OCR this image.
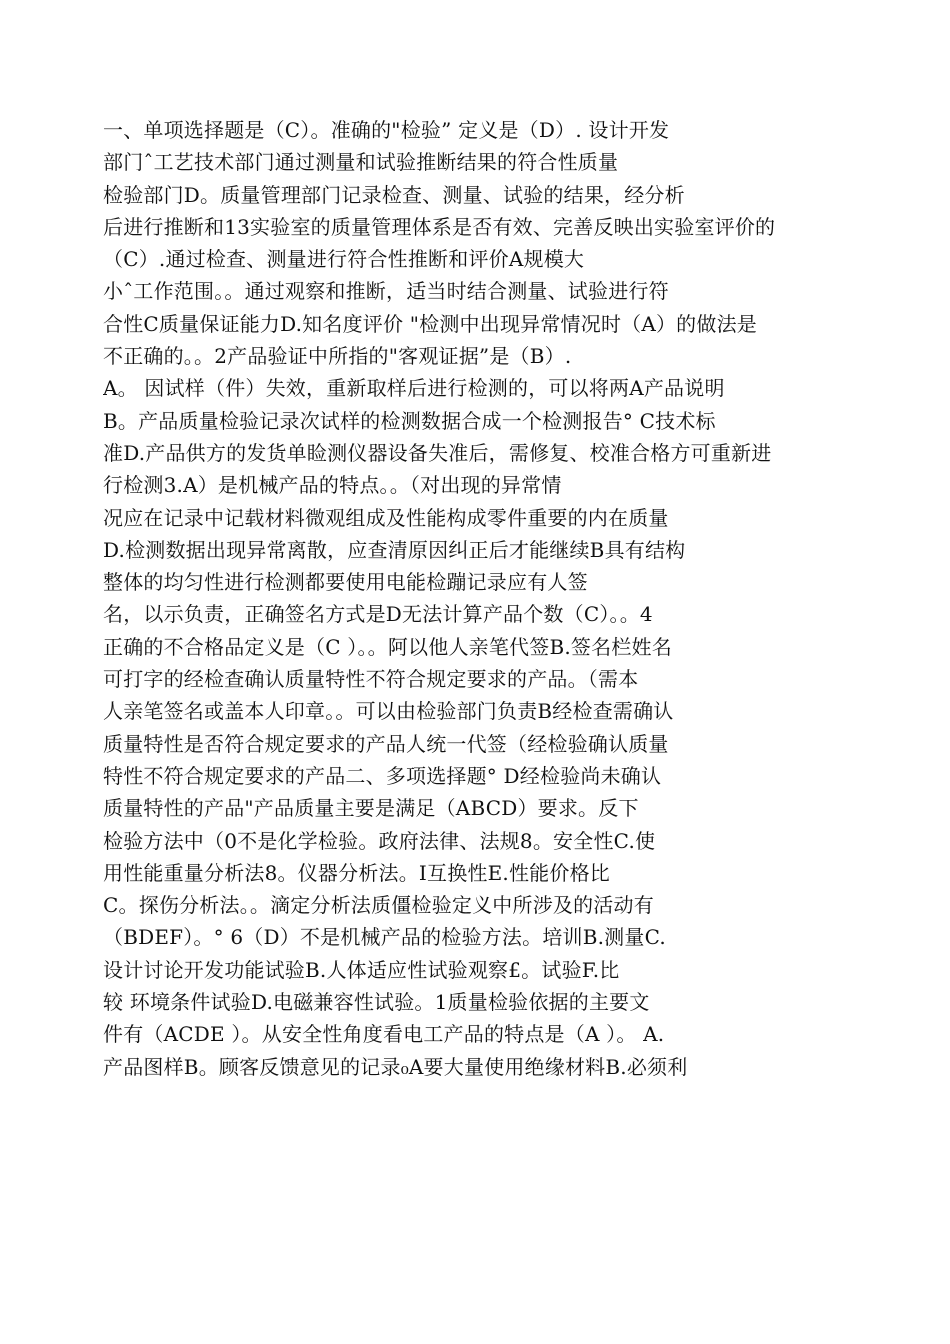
一、单项选择题是（C）。准确的"检验” 定义是（D）. 设计开发
部门ˆ工艺技术部门通过测量和试验推断结果的符合性质量
检验部门D。质量管理部门记录检查、测量、试验的结果，经分析
后进行推断和13实验室的质量管理体系是否有效、完善反映出实验室评价的
（C）.通过检查、测量进行符合性推断和评价A规模大
小ˆ工作范围。。通过观察和推断，适当时结合测量、试验进行符
合性C质量保证能力D.知名度评价 "检测中出现异常情况时（A）的做法是
不正确的。。2产品验证中所指的"客观证据”是（B）.
A。 因试样（件）失效，重新取样后进行检测的，可以将两A产品说明
B。产品质量检验记录次试样的检测数据合成一个检测报告° C技术标
准D.产品供方的发货单睑测仪器设备失准后，需修复、校准合格方可重新进
行检测3.A）是机械产品的特点。。（对出现的异常情
况应在记录中记载材料微观组成及性能构成零件重要的内在质量
D.检测数据出现异常离散，应查清原因纠正后才能继续B具有结构
整体的均匀性进行检测都要使用电能检蹦记录应有人签
名，以示负责，正确签名方式是D无法计算产品个数（C）。。4
正确的不合格品定义是（C ）。。阿以他人亲笔代签B.签名栏姓名
可打字的经检查确认质量特性不符合规定要求的产品。（需本
人亲笔签名或盖本人印章。。可以由检验部门负责B经检查需确认
质量特性是否符合规定要求的产品人统一代签（经检验确认质量
特性不符合规定要求的产品二、多项选择题° D经检验尚未确认
质量特性的产品"产品质量主要是满足（ABCD）要求。反下
检验方法中（0不是化学检验。政府法律、法规8。安全性C.使
用性能重量分析法8。仪器分析法。I互换性E.性能价格比
C。探伤分析法。。滴定分析法质僵检验定义中所涉及的活动有
（BDEF）。° 6（D）不是机械产品的检验方法。培训B.测量C.
设计讨论开发功能试验B.人体适应性试验观察£。试验F.比
较 环境条件试验D.电磁兼容性试验。1质量检验依据的主要文
件有（ACDE ）。从安全性角度看电工产品的特点是（A ）。 A.
产品图样B。顾客反馈意见的记录₀A要大量使用绝缘材料B.必须利
